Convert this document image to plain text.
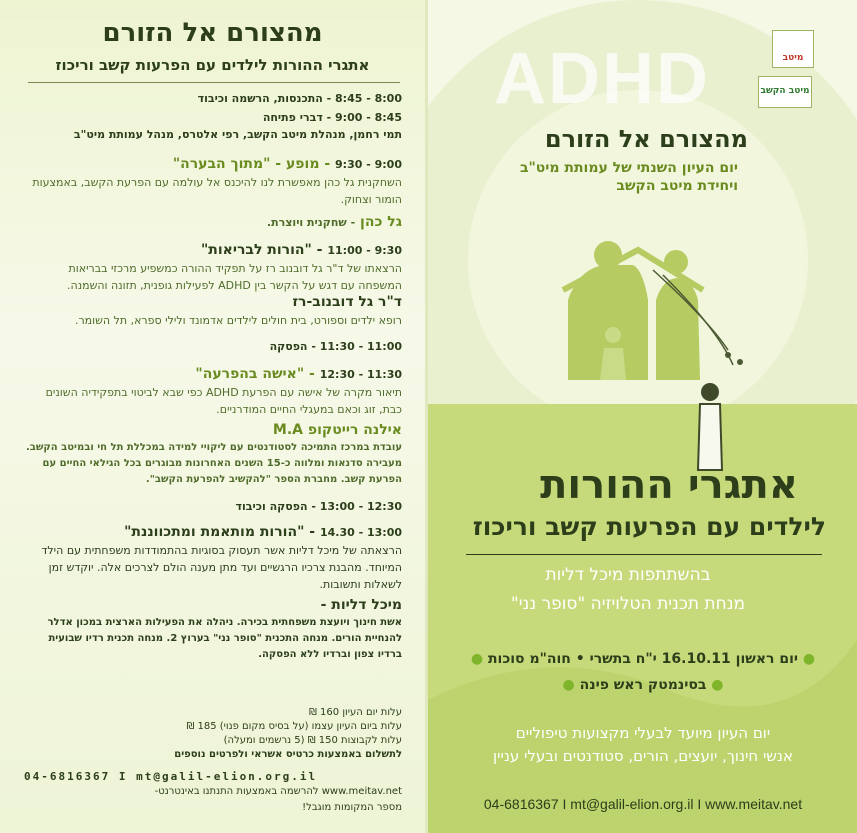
מהצורם אל הזורם
אתגרי ההורות לילדים עם הפרעות קשב וריכוז
8:00 - 8:45 - התכנסות, הרשמה וכיבוד
8:45 - 9:00 - דברי פתיחה
תמי רחמן, מנהלת מיטב הקשב, רפי אלטרס, מנהל עמותת מיט"ב
9:00 - 9:30 - מופע - "מתוך הבערה"
השחקנית גל כהן מאפשרת לנו להיכנס אל עולמה עם הפרעת הקשב, באמצעות הומור וצחוק.
גל כהן - שחקנית ויוצרת.
9:30 - 11:00 - "הורות לבריאות"
הרצאתו של ד"ר גל דובנוב רז על תפקיד ההורה כמשפיע מרכזי בבריאות המשפחה עם דגש על הקשר בין ADHD לפעילות גופנית, תזונה והשמנה.
ד"ר גל דובנוב-רז
רופא ילדים וספורט, בית חולים לילדים אדמונד ולילי ספרא, תל השומר.
11:00 - 11:30 - הפסקה
11:30 - 12:30 - "אישה בהפרעה"
תיאור מקרה של אישה עם הפרעת ADHD כפי שבא לביטוי בתפקידיה השונים כבת, זוג וכאם במעגלי החיים המודרניים.
אילנה רייטקופ M.A
עובדת במרכז התמיכה לסטודנטים עם ליקויי למידה במכללת תל חי ובמיטב הקשב. מעבירה סדנאות ומלווה כ-15 השנים האחרונות מבוגרים בכל הגילאי החיים עם הפרעת קשב. מחברת הספר "להקשיב להפרעת הקשב".
12:30 - 13:00 - הפסקה וכיבוד
13:00 - 14.30 - "הורות מותאמת ומתכווננת"
הרצאתה של מיכל דליות אשר תעסוק בסוגיות בהתמודדות משפחתית עם הילד המיוחד. מהבנת צרכיו הרגשיים ועד מתן מענה הולם לצרכים אלה. יוקדש זמן לשאלות ותשובות.
מיכל דליות -
אשת חינוך ויועצת משפחתית בכירה. ניהלה את הפעילות הארצית במכון אדלר להנחיית הורים. מנחה התכנית "סופר נני" בערוץ 2. מנחה תכנית רדיו שבועית ברדיו צפון וברדיו ללא הפסקה.
עלות יום העיון 160 ₪
עלות ביום העיון עצמו (על בסיס מקום פנוי) 185 ₪
עלות לקבוצות 150 ₪ (5 נרשמים ומעלה)
לתשלום באמצעות כרטיס אשראי ולפרטים נוספים
04-6816367 I mt@galil-elion.org.il
www.meitav.net להרשמה באמצעות התנתנו באינטרנט-
מספר המקומות מוגבל!
מיטב
מיטב הקשב
ADHD
מהצורם אל הזורם
יום העיון השנתי של עמותת מיט"ב
ויחידת מיטב הקשב
אתגרי ההורות
לילדים עם הפרעות קשב וריכוז
בהשתתפות מיכל דליות
מנחת תכנית הטלויזיה "סופר נני"
● יום ראשון 16.10.11 י"ח בתשרי • חוה"מ סוכות ●
● בסינמטק ראש פינה ●
יום העיון מיועד לבעלי מקצועות טיפוליים
אנשי חינוך, יועצים, הורים, סטודנטים ובעלי עניין
04-6816367 I mt@galil-elion.org.il I www.meitav.net
